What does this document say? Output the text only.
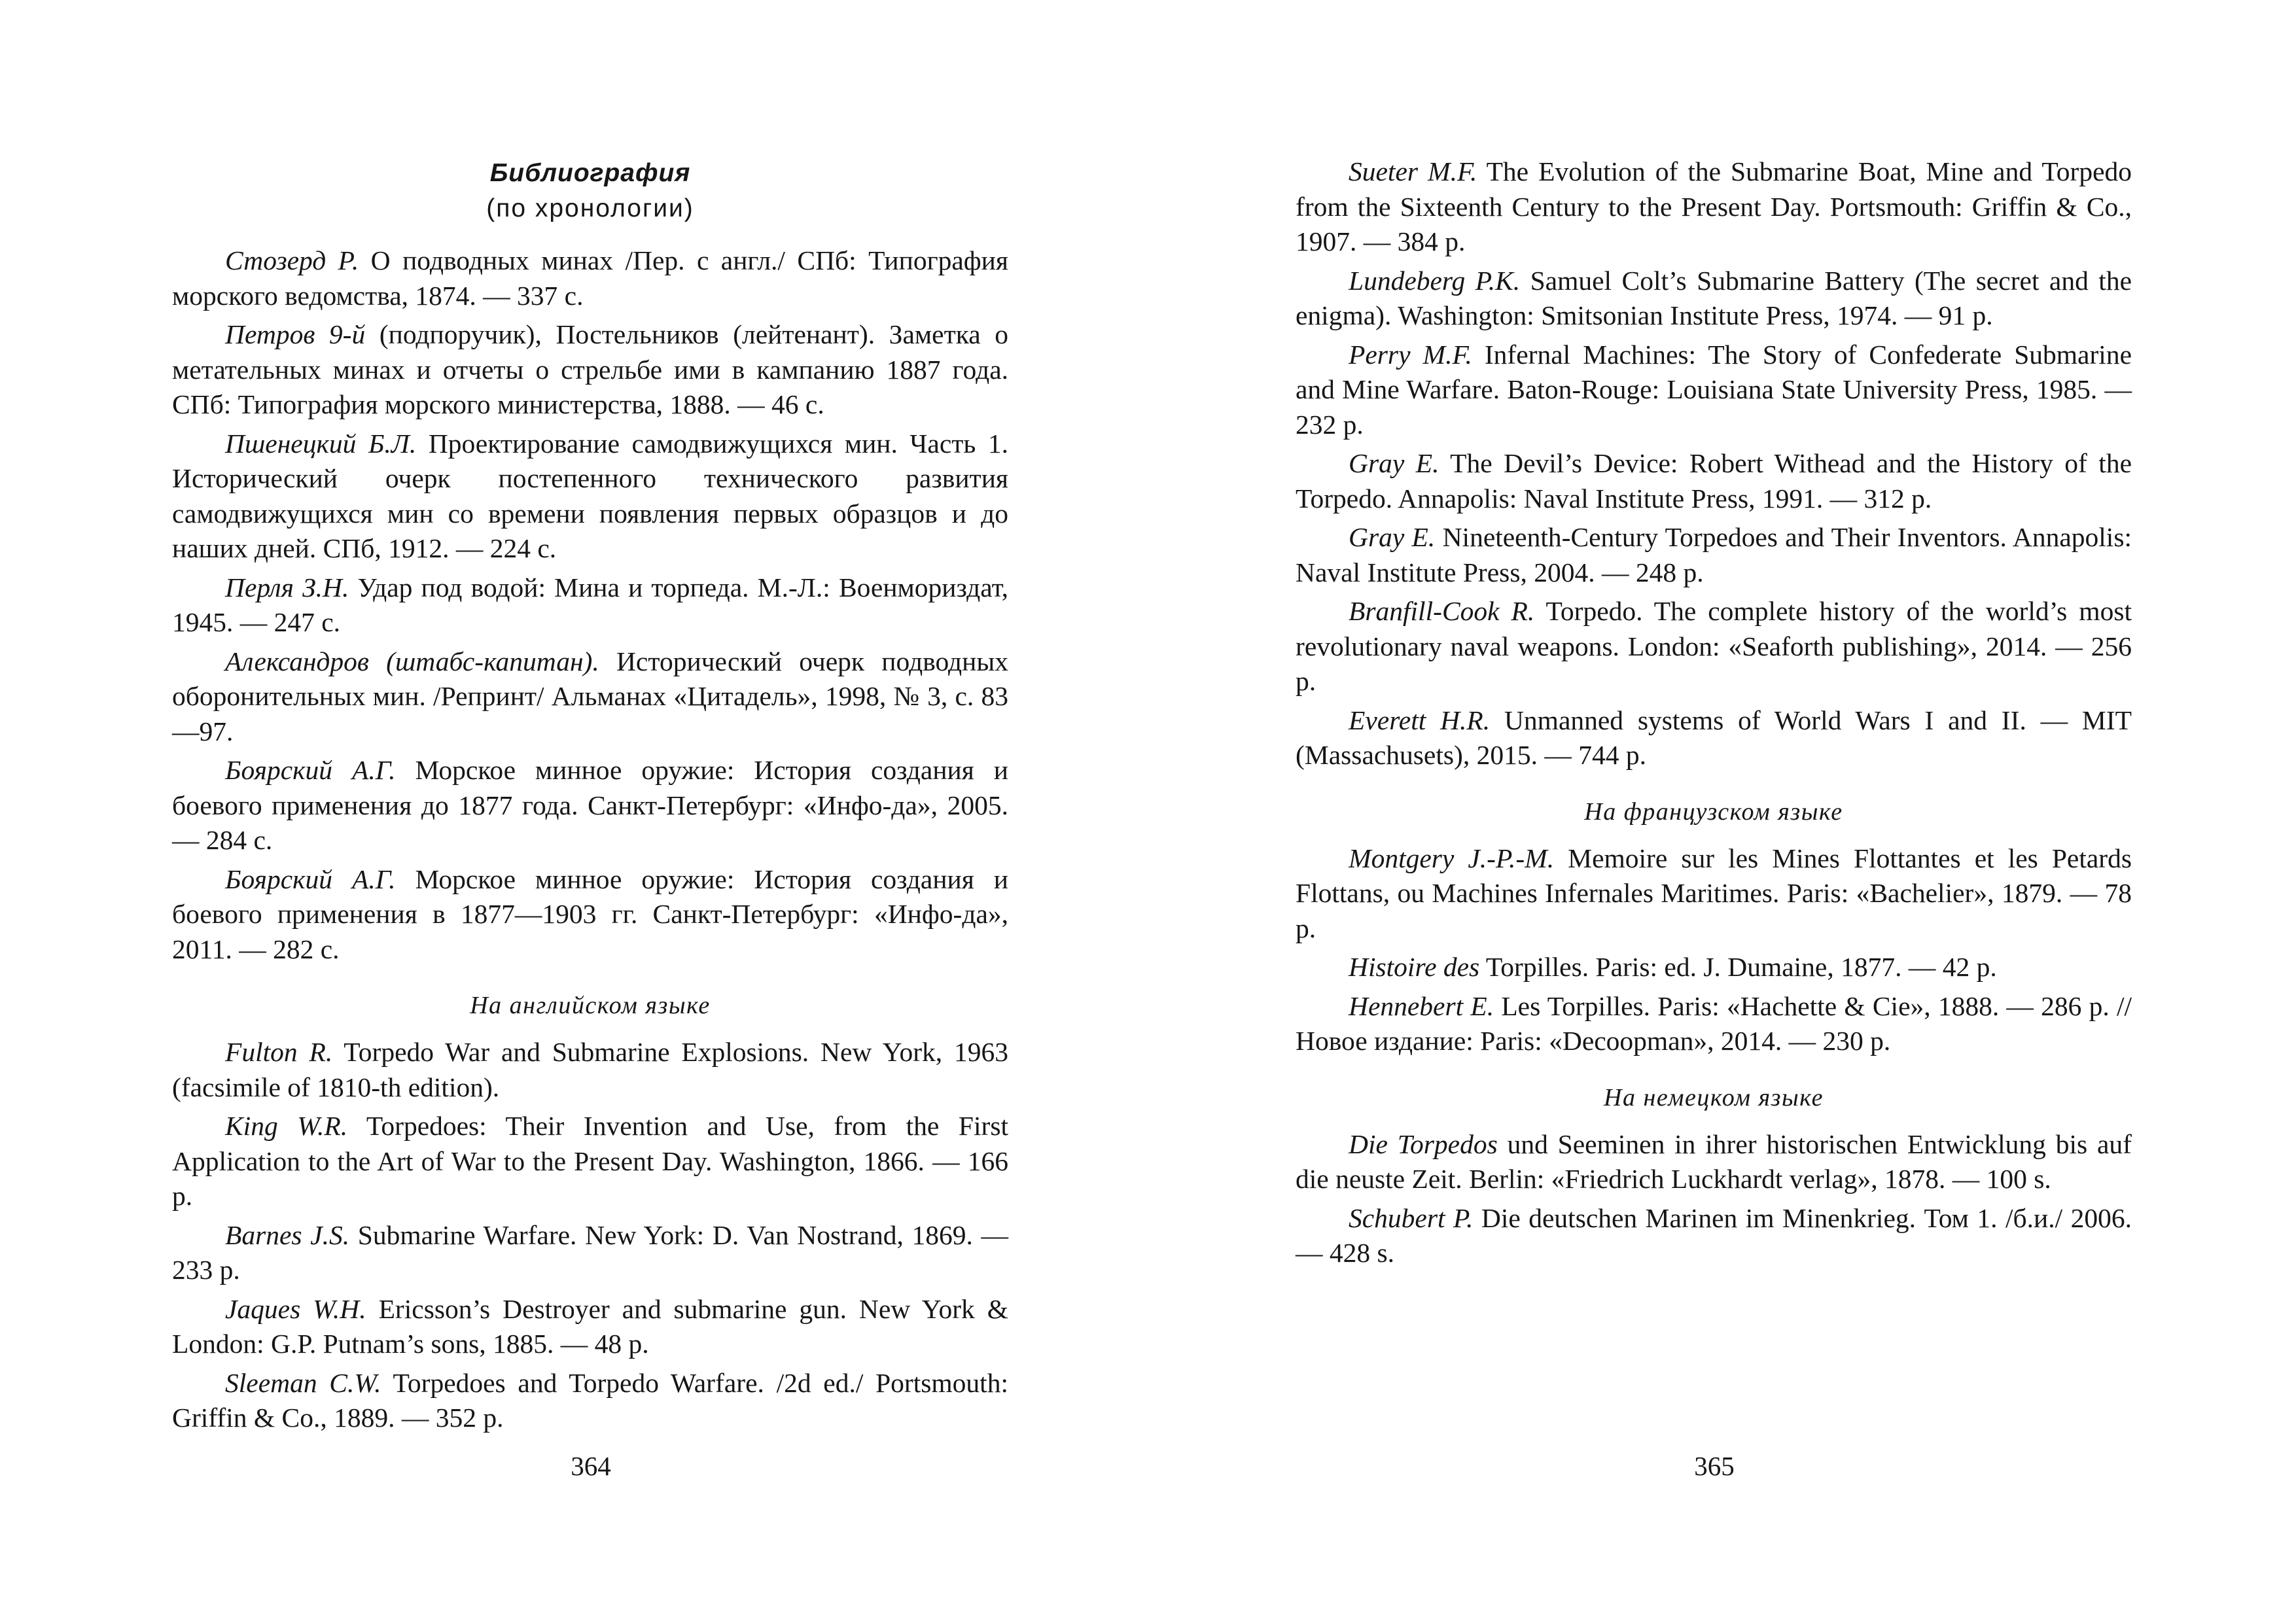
Библиография
(по хронологии)

Стозерд Р. О подводных минах /Пер. с англ./ СПб: Типография морского ведомства, 1874. — 337 с.

Петров 9-й (подпоручик), Постельников (лейтенант). Заметка о метательных минах и отчеты о стрельбе ими в кампанию 1887 года. СПб: Типография морского министерства, 1888. — 46 с.

Пшенецкий Б.Л. Проектирование самодвижущихся мин. Часть 1. Исторический очерк постепенного технического развития самодвижущихся мин со времени появления первых образцов и до наших дней. СПб, 1912. — 224 с.

Перля З.Н. Удар под водой: Мина и торпеда. М.-Л.: Военмориздат, 1945. — 247 с.

Александров (штабс-капитан). Исторический очерк подводных оборонительных мин. /Репринт/ Альманах «Цитадель», 1998, № 3, с. 83—97.

Боярский А.Г. Морское минное оружие: История создания и боевого применения до 1877 года. Санкт-Петербург: «Инфо-да», 2005. — 284 с.

Боярский А.Г. Морское минное оружие: История создания и боевого применения в 1877—1903 гг. Санкт-Петербург: «Инфо-да», 2011. — 282 с.

На английском языке

Fulton R. Torpedo War and Submarine Explosions. New York, 1963 (facsimile of 1810-th edition).

King W.R. Torpedoes: Their Invention and Use, from the First Application to the Art of War to the Present Day. Washington, 1866. — 166 p.

Barnes J.S. Submarine Warfare. New York: D. Van Nostrand, 1869. — 233 p.

Jaques W.H. Ericsson’s Destroyer and submarine gun. New York & London: G.P. Putnam’s sons, 1885. — 48 p.

Sleeman C.W. Torpedoes and Torpedo Warfare. /2d ed./ Portsmouth: Griffin & Co., 1889. — 352 p.

364

Sueter M.F. The Evolution of the Submarine Boat, Mine and Torpedo from the Sixteenth Century to the Present Day. Portsmouth: Griffin & Co., 1907. — 384 p.

Lundeberg P.K. Samuel Colt’s Submarine Battery (The secret and the enigma). Washington: Smitsonian Institute Press, 1974. — 91 p.

Perry M.F. Infernal Machines: The Story of Confederate Submarine and Mine Warfare. Baton-Rouge: Louisiana State University Press, 1985. — 232 p.

Gray E. The Devil’s Device: Robert Withead and the History of the Torpedo. Annapolis: Naval Institute Press, 1991. — 312 p.

Gray E. Nineteenth-Century Torpedoes and Their Inventors. Annapolis: Naval Institute Press, 2004. — 248 p.

Branfill-Cook R. Torpedo. The complete history of the world’s most revolutionary naval weapons. London: «Seaforth publishing», 2014. — 256 p.

Everett H.R. Unmanned systems of World Wars I and II. — MIT (Massachusets), 2015. — 744 p.

На французском языке

Montgery J.-P.-M. Memoire sur les Mines Flottantes et les Petards Flottans, ou Machines Infernales Maritimes. Paris: «Bachelier», 1879. — 78 p.

Histoire des Torpilles. Paris: ed. J. Dumaine, 1877. — 42 p.

Hennebert E. Les Torpilles. Paris: «Hachette & Cie», 1888. — 286 p. // Новое издание: Paris: «Decoopman», 2014. — 230 p.

На немецком языке

Die Torpedos und Seeminen in ihrer historischen Entwicklung bis auf die neuste Zeit. Berlin: «Friedrich Luckhardt verlag», 1878. — 100 s.

Schubert P. Die deutschen Marinen im Minenkrieg. Том 1. /б.и./ 2006. — 428 s.

365
